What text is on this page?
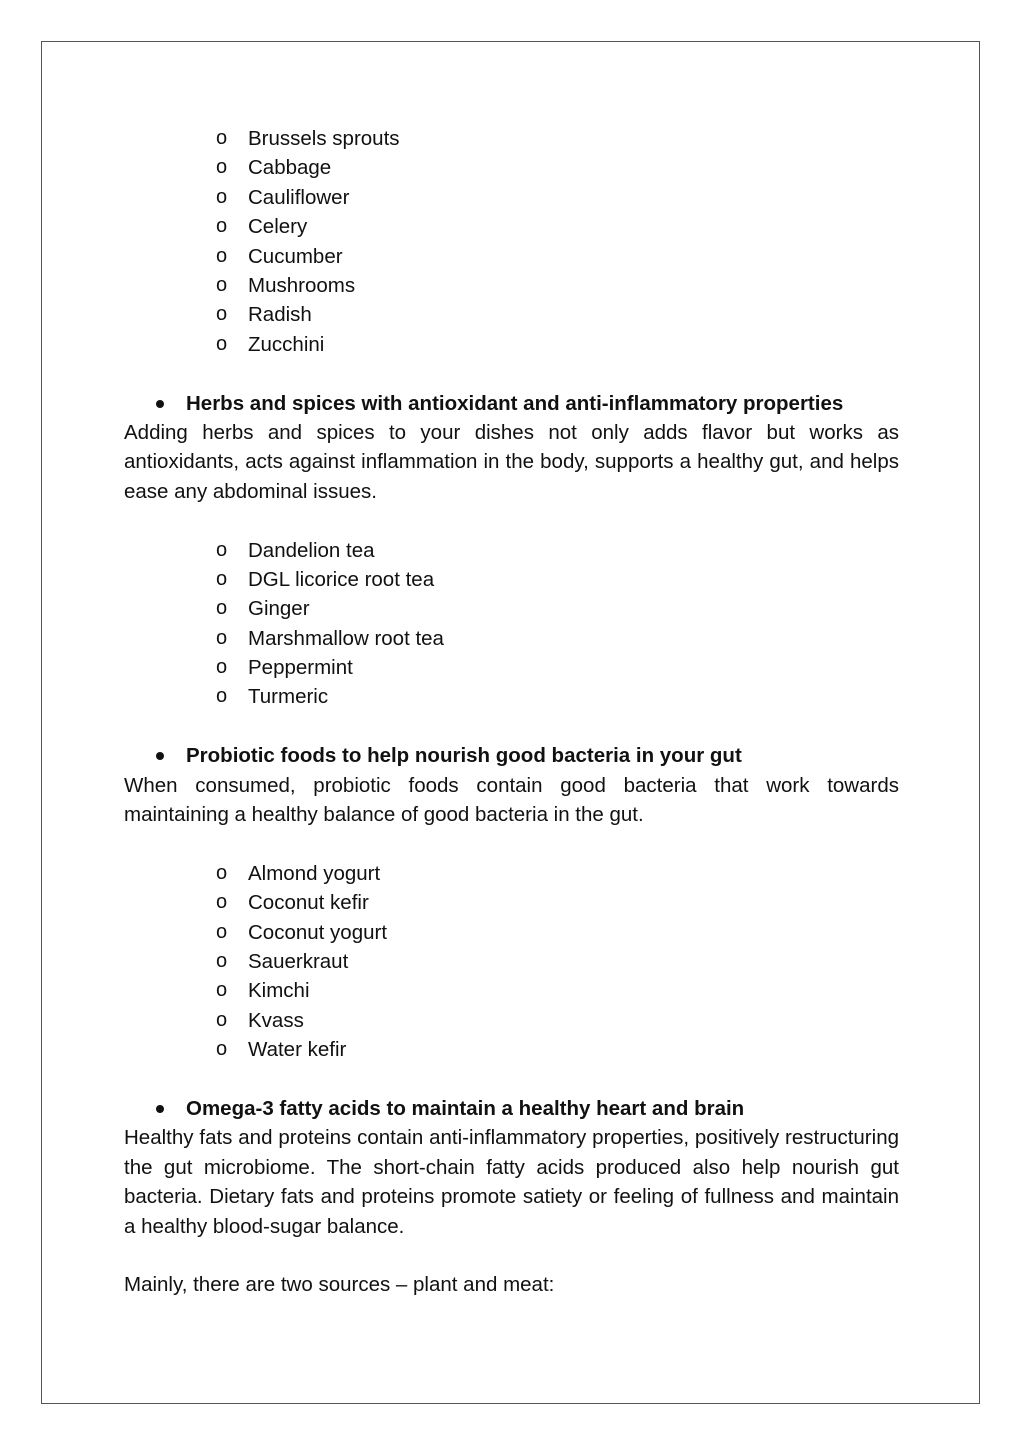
o Brussels sprouts
o Cabbage
o Cauliflower
o Celery
o Cucumber
o Mushrooms
o Radish
o Zucchini
Herbs and spices with antioxidant and anti-inflammatory properties

Adding herbs and spices to your dishes not only adds flavor but works as antioxidants, acts against inflammation in the body, supports a healthy gut, and helps ease any abdominal issues.

o Dandelion tea
o DGL licorice root tea
o Ginger
o Marshmallow root tea
o Peppermint
o Turmeric
Probiotic foods to help nourish good bacteria in your gut

When consumed, probiotic foods contain good bacteria that work towards maintaining a healthy balance of good bacteria in the gut.

o Almond yogurt
o Coconut kefir
o Coconut yogurt
o Sauerkraut
o Kimchi
o Kvass
o Water kefir
Omega-3 fatty acids to maintain a healthy heart and brain

Healthy fats and proteins contain anti-inflammatory properties, positively restructuring the gut microbiome. The short-chain fatty acids produced also help nourish gut bacteria. Dietary fats and proteins promote satiety or feeling of fullness and maintain a healthy blood-sugar balance.

Mainly, there are two sources – plant and meat:
